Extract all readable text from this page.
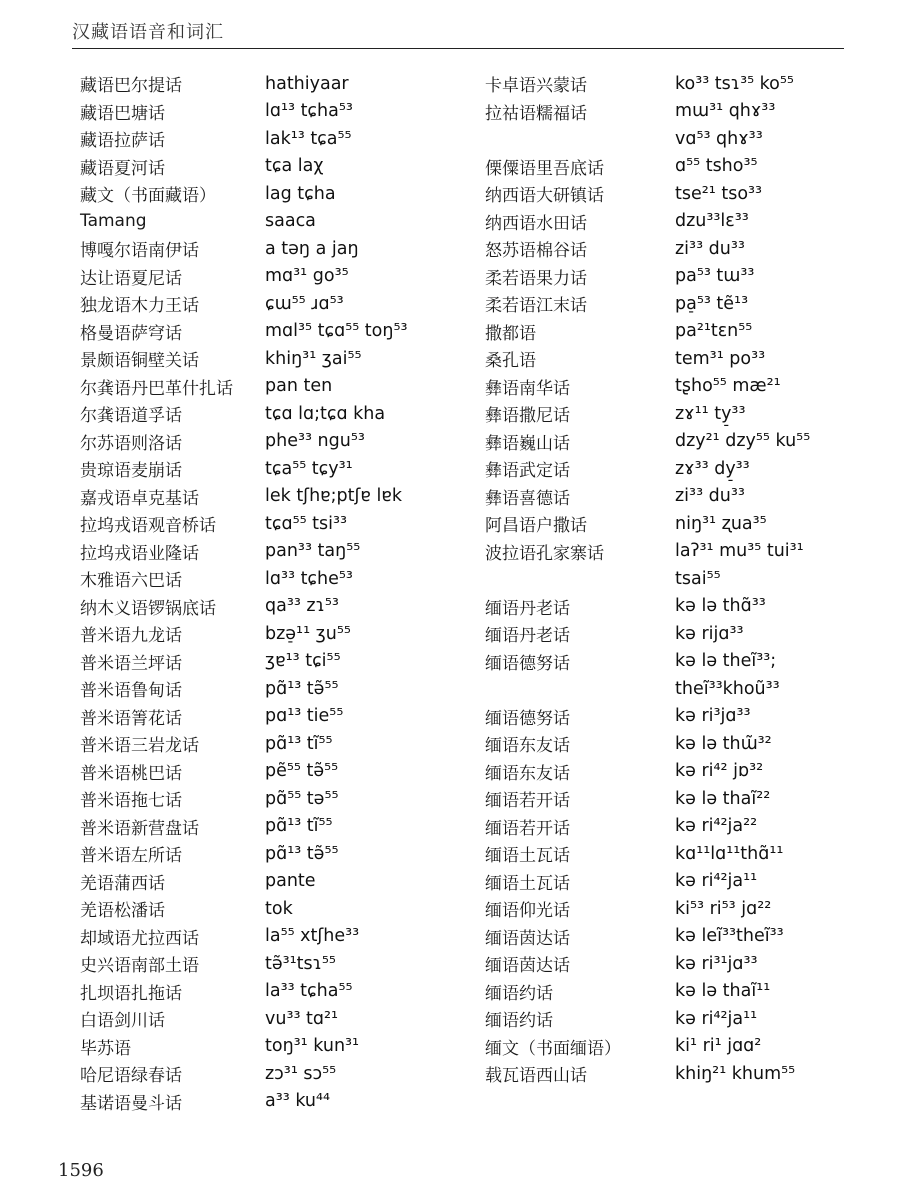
汉藏语语音和词汇
藏语巴尔提话	hathiyaar
藏语巴塘话	lɑ¹³ tɕha⁵³
藏语拉萨话	lak¹³ tɕa⁵⁵
藏语夏河话	tɕa laχ
藏文（书面藏语）	lag tɕha
Tamang	saaca
博嘎尔语南伊话	a təŋ a jaŋ
达让语夏尼话	mɑ³¹ go³⁵
独龙语木力王话	ɕɯ⁵⁵ ɹɑ⁵³
格曼语萨穹话	mɑl³⁵ tɕɑ⁵⁵ toŋ⁵³
景颇语铜壁关话	khiŋ³¹ ʒai⁵⁵
尔龚语丹巴革什扎话	pan ten
尔龚语道孚话	tɕɑ lɑ;tɕɑ kha
尔苏语则洛话	phe³³ ngu⁵³
贵琼语麦崩话	tɕa⁵⁵ tɕy³¹
嘉戎语卓克基话	lek tʃhɐ;ptʃɐ lɐk
拉坞戎语观音桥话	tɕɑ⁵⁵ tsi³³
拉坞戎语业隆话	pan³³ taŋ⁵⁵
木雅语六巴话	lɑ³³ tɕhe⁵³
纳木义语锣锅底话	qa³³ zɿ⁵³
普米语九龙话	bzə̠¹¹ ʒu⁵⁵
普米语兰坪话	ʒɐ¹³ tɕi⁵⁵
普米语鲁甸话	pɑ̃¹³ tə̃⁵⁵
普米语箐花话	pɑ¹³ tie⁵⁵
普米语三岩龙话	pɑ̃¹³ tĩ⁵⁵
普米语桃巴话	pẽ⁵⁵ tə̃⁵⁵
普米语拖七话	pɑ̃⁵⁵ tə⁵⁵
普米语新营盘话	pɑ̃¹³ tĩ⁵⁵
普米语左所话	pɑ̃¹³ tə̃⁵⁵
羌语蒲西话	pante
羌语松潘话	tok
却域语尤拉西话	la⁵⁵ xtʃhe³³
史兴语南部土语	tə̃³¹tsɿ⁵⁵
扎坝语扎拖话	la³³ tɕha⁵⁵
白语剑川话	vu³³ tɑ²¹
毕苏语	toŋ³¹ kun³¹
哈尼语绿春话	zɔ³¹ sɔ⁵⁵
基诺语曼斗话	a³³ ku⁴⁴
卡卓语兴蒙话	ko³³ tsɿ³⁵ ko⁵⁵
拉祜语糯福话	mɯ³¹ qhɤ³³
vɑ⁵³ qhɤ³³
傈僳语里吾底话	ɑ⁵⁵ tsho³⁵
纳西语大研镇话	tse²¹ tso³³
纳西语水田话	dzu³³lɛ³³
怒苏语棉谷话	zi³³ du³³
柔若语果力话	pa⁵³ tɯ³³
柔若语江末话	pa̠⁵³ tẽ¹³
撒都语	pa²¹tɛn⁵⁵
桑孔语	tem³¹ po³³
彝语南华话	tʂho⁵⁵ mæ²¹
彝语撒尼话	zɤ¹¹ ty̠³³
彝语巍山话	dzy²¹ dzy⁵⁵ ku⁵⁵
彝语武定话	zɤ³³ dy̠³³
彝语喜德话	zi³³ du³³
阿昌语户撒话	niŋ³¹ ʐua³⁵
波拉语孔家寨话	laʔ³¹ mu³⁵ tui³¹
tsai⁵⁵
缅语丹老话	kə lə thɑ̃³³
缅语丹老话	kə rijɑ³³
缅语德努话	kə lə theĩ³³;
theĩ³³khoũ³³
缅语德努话	kə ri³jɑ³³
缅语东友话	kə lə thɯ̃³²
缅语东友话	kə ri⁴² jɒ³²
缅语若开话	kə lə thaĩ²²
缅语若开话	kə ri⁴²ja²²
缅语土瓦话	kɑ¹¹lɑ¹¹thɑ̃¹¹
缅语土瓦话	kə ri⁴²ja¹¹
缅语仰光话	ki⁵³ ri⁵³ jɑ²²
缅语茵达话	kə leĩ³³theĩ³³
缅语茵达话	kə ri³¹jɑ³³
缅语约话	kə lə thaĩ¹¹
缅语约话	kə ri⁴²ja¹¹
缅文（书面缅语）	ki¹ ri¹ jɑɑ²
载瓦语西山话	khiŋ²¹ khum⁵⁵
1596
